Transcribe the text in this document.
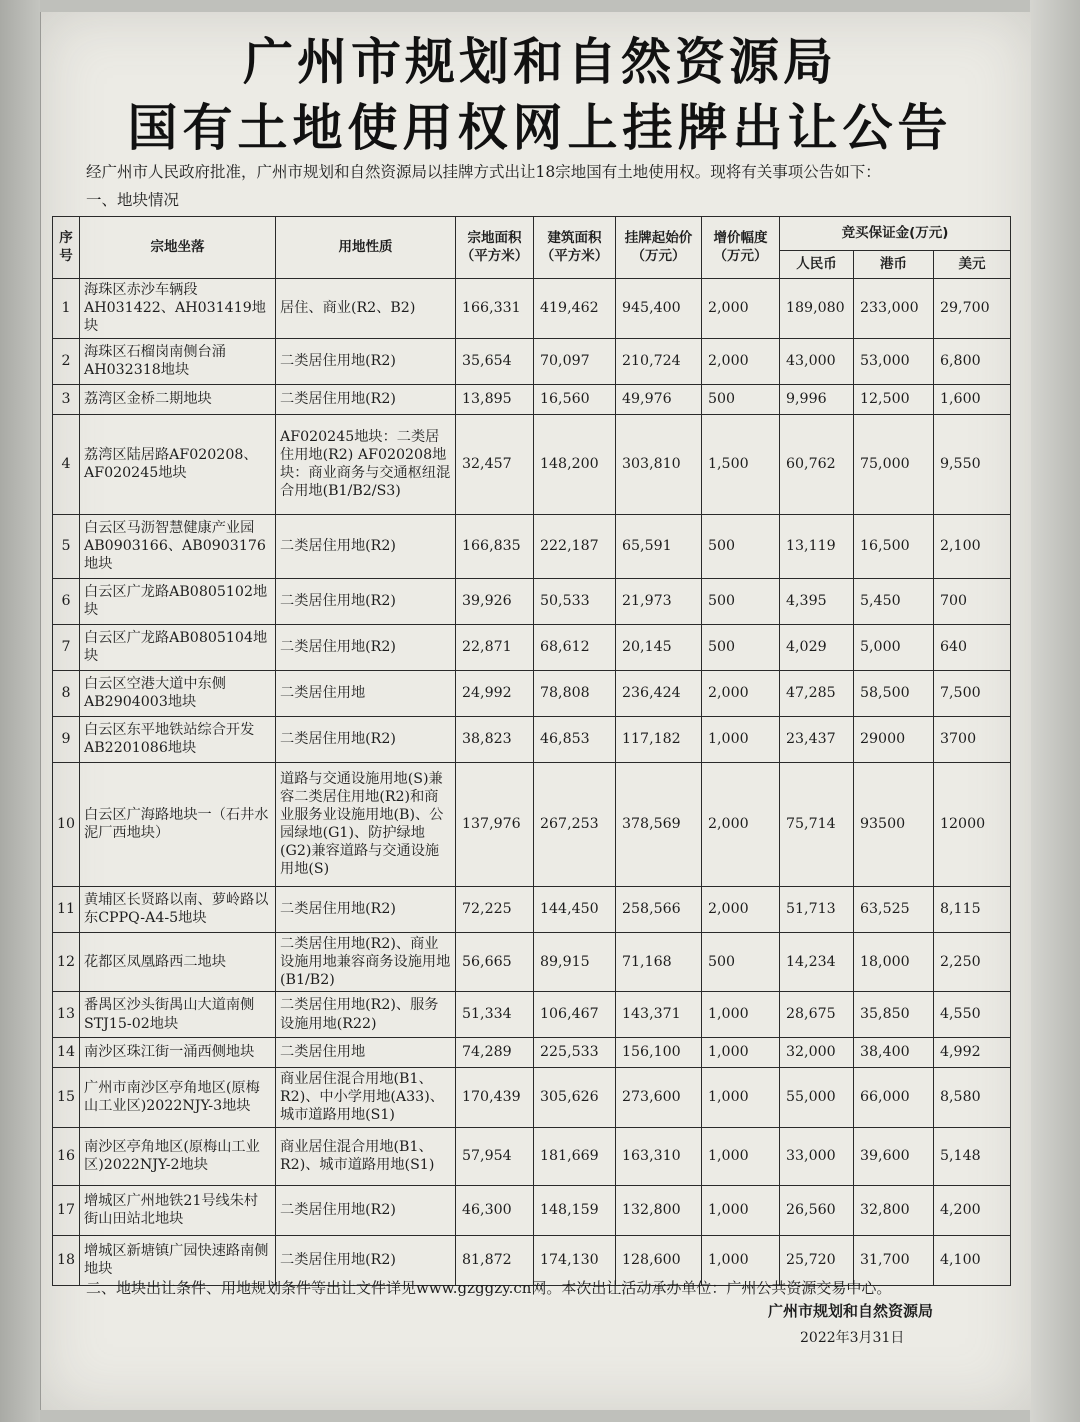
广州市规划和自然资源局
国有土地使用权网上挂牌出让公告
经广州市人民政府批准，广州市规划和自然资源局以挂牌方式出让18宗地国有土地使用权。现将有关事项公告如下：
一、地块情况
序号	宗地坐落	用地性质	宗地面积（平方米）	建筑面积（平方米）	挂牌起始价（万元）	增价幅度（万元）	竞买保证金(万元)		
							人民币	港币	美元
1	海珠区赤沙车辆段AH031422、AH031419地块	居住、商业(R2、B2)	166,331	419,462	945,400	2,000	189,080	233,000	29,700
2	海珠区石榴岗南侧台涌AH032318地块	二类居住用地(R2)	35,654	70,097	210,724	2,000	43,000	53,000	6,800
3	荔湾区金桥二期地块	二类居住用地(R2)	13,895	16,560	49,976	500	9,996	12,500	1,600
4	荔湾区陆居路AF020208、AF020245地块	AF020245地块：二类居住用地(R2) AF020208地块：商业商务与交通枢纽混合用地(B1/B2/S3)	32,457	148,200	303,810	1,500	60,762	75,000	9,550
5	白云区马沥智慧健康产业园AB0903166、AB0903176地块	二类居住用地(R2)	166,835	222,187	65,591	500	13,119	16,500	2,100
6	白云区广龙路AB0805102地块	二类居住用地(R2)	39,926	50,533	21,973	500	4,395	5,450	700
7	白云区广龙路AB0805104地块	二类居住用地(R2)	22,871	68,612	20,145	500	4,029	5,000	640
8	白云区空港大道中东侧AB2904003地块	二类居住用地	24,992	78,808	236,424	2,000	47,285	58,500	7,500
9	白云区东平地铁站综合开发AB2201086地块	二类居住用地(R2)	38,823	46,853	117,182	1,000	23,437	29000	3700
10	白云区广海路地块一（石井水泥厂西地块）	道路与交通设施用地(S)兼容二类居住用地(R2)和商业服务业设施用地(B)、公园绿地(G1)、防护绿地(G2)兼容道路与交通设施用地(S)	137,976	267,253	378,569	2,000	75,714	93500	12000
11	黄埔区长贤路以南、萝岭路以东CPPQ-A4-5地块	二类居住用地(R2)	72,225	144,450	258,566	2,000	51,713	63,525	8,115
12	花都区凤凰路西二地块	二类居住用地(R2)、商业设施用地兼容商务设施用地(B1/B2)	56,665	89,915	71,168	500	14,234	18,000	2,250
13	番禺区沙头街禺山大道南侧STJ15-02地块	二类居住用地(R2)、服务设施用地(R22)	51,334	106,467	143,371	1,000	28,675	35,850	4,550
14	南沙区珠江街一涌西侧地块	二类居住用地	74,289	225,533	156,100	1,000	32,000	38,400	4,992
15	广州市南沙区亭角地区(原梅山工业区)2022NJY-3地块	商业居住混合用地(B1、R2)、中小学用地(A33)、城市道路用地(S1)	170,439	305,626	273,600	1,000	55,000	66,000	8,580
16	南沙区亭角地区(原梅山工业区)2022NJY-2地块	商业居住混合用地(B1、R2)、城市道路用地(S1)	57,954	181,669	163,310	1,000	33,000	39,600	5,148
17	增城区广州地铁21号线朱村街山田站北地块	二类居住用地(R2)	46,300	148,159	132,800	1,000	26,560	32,800	4,200
18	增城区新塘镇广园快速路南侧地块	二类居住用地(R2)	81,872	174,130	128,600	1,000	25,720	31,700	4,100
二、地块出让条件、用地规划条件等出让文件详见www.gzggzy.cn网。本次出让活动承办单位：广州公共资源交易中心。
广州市规划和自然资源局
2022年3月31日
